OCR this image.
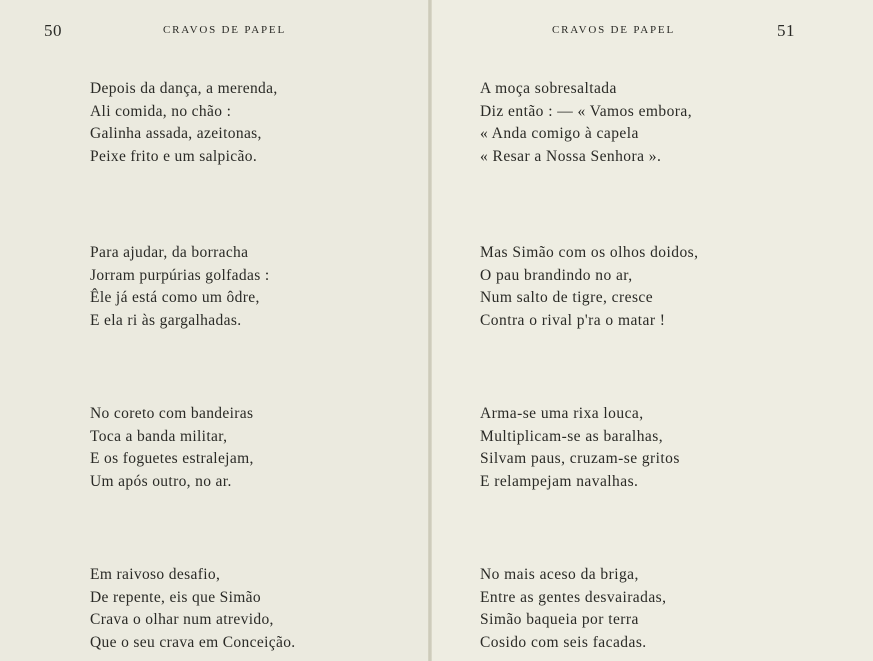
50	CRAVOS DE PAPEL
Depois da dança, a merenda,
Ali comida, no chão :
Galinha assada, azeitonas,
Peixe frito e um salpicão.
Para ajudar, da borracha
Jorram purpúrias golfadas :
Êle já está como um ôdre,
E ela ri às gargalhadas.
No coreto com bandeiras
Toca a banda militar,
E os foguetes estralejam,
Um após outro, no ar.
Em raivoso desafio,
De repente, eis que Simão
Crava o olhar num atrevido,
Que o seu crava em Conceição.
CRAVOS DE PAPEL	51
A moça sobresaltada
Diz então : — « Vamos embora,
« Anda comigo à capela
« Resar a Nossa Senhora ».
Mas Simão com os olhos doidos,
O pau brandindo no ar,
Num salto de tigre, cresce
Contra o rival p'ra o matar !
Arma-se uma rixa louca,
Multiplicam-se as baralhas,
Silvam paus, cruzam-se gritos
E relampejam navalhas.
No mais aceso da briga,
Entre as gentes desvairadas,
Simão baqueia por terra
Cosido com seis facadas.
